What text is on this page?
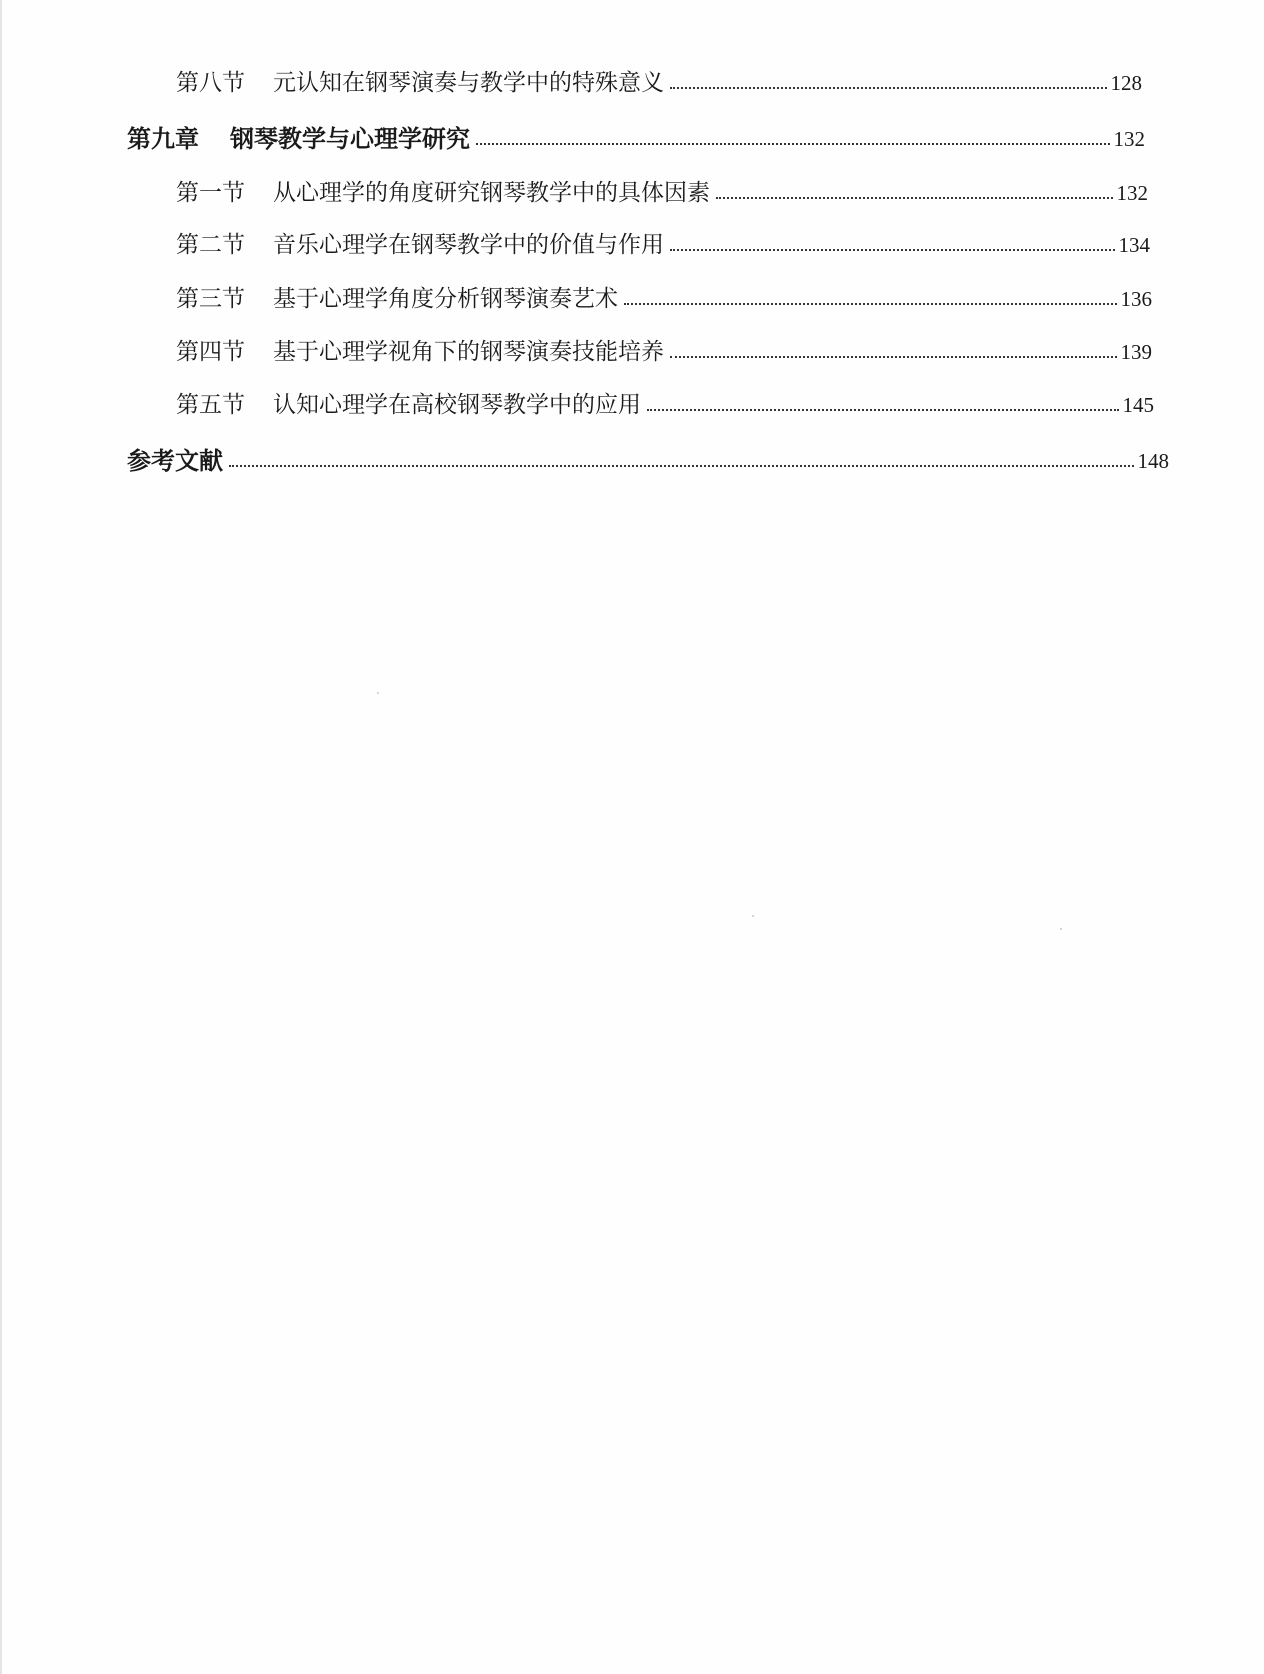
第八节 元认知在钢琴演奏与教学中的特殊意义	128
第九章 钢琴教学与心理学研究	132
第一节 从心理学的角度研究钢琴教学中的具体因素	132
第二节 音乐心理学在钢琴教学中的价值与作用	134
第三节 基于心理学角度分析钢琴演奏艺术	136
第四节 基于心理学视角下的钢琴演奏技能培养	139
第五节 认知心理学在高校钢琴教学中的应用	145
参考文献	148
